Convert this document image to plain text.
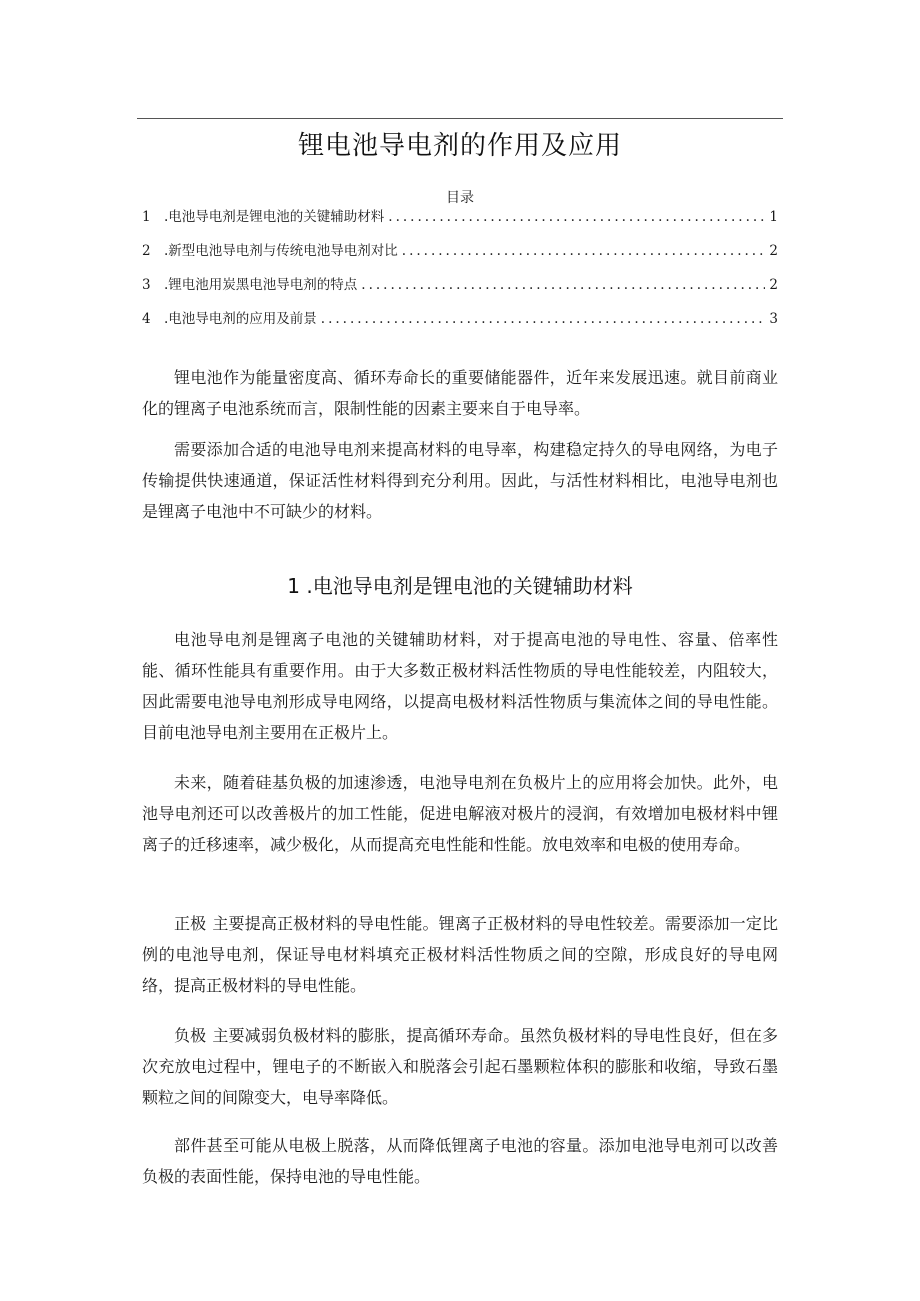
锂电池导电剂的作用及应用
目录
1 .电池导电剂是锂电池的关键辅助材料 .....	1
2 .新型电池导电剂与传统电池导电剂对比 .....	2
3 .锂电池用炭黑电池导电剂的特点 .....	2
4 .电池导电剂的应用及前景 .....	3

锂电池作为能量密度高、循环寿命长的重要储能器件，近年来发展迅速。就目前商业化的锂离子电池系统而言，限制性能的因素主要来自于电导率。

需要添加合适的电池导电剂来提高材料的电导率，构建稳定持久的导电网络，为电子传输提供快速通道，保证活性材料得到充分利用。因此，与活性材料相比，电池导电剂也是锂离子电池中不可缺少的材料。

1 .电池导电剂是锂电池的关键辅助材料

电池导电剂是锂离子电池的关键辅助材料，对于提高电池的导电性、容量、倍率性能、循环性能具有重要作用。由于大多数正极材料活性物质的导电性能较差，内阻较大，因此需要电池导电剂形成导电网络，以提高电极材料活性物质与集流体之间的导电性能。目前电池导电剂主要用在正极片上。

未来，随着硅基负极的加速渗透，电池导电剂在负极片上的应用将会加快。此外，电池导电剂还可以改善极片的加工性能，促进电解液对极片的浸润，有效增加电极材料中锂离子的迁移速率，减少极化，从而提高充电性能和性能。放电效率和电极的使用寿命。

正极 主要提高正极材料的导电性能。锂离子正极材料的导电性较差。需要添加一定比例的电池导电剂，保证导电材料填充正极材料活性物质之间的空隙，形成良好的导电网络，提高正极材料的导电性能。

负极 主要减弱负极材料的膨胀，提高循环寿命。虽然负极材料的导电性良好，但在多次充放电过程中，锂电子的不断嵌入和脱落会引起石墨颗粒体积的膨胀和收缩，导致石墨颗粒之间的间隙变大，电导率降低。

部件甚至可能从电极上脱落，从而降低锂离子电池的容量。添加电池导电剂可以改善负极的表面性能，保持电池的导电性能。
